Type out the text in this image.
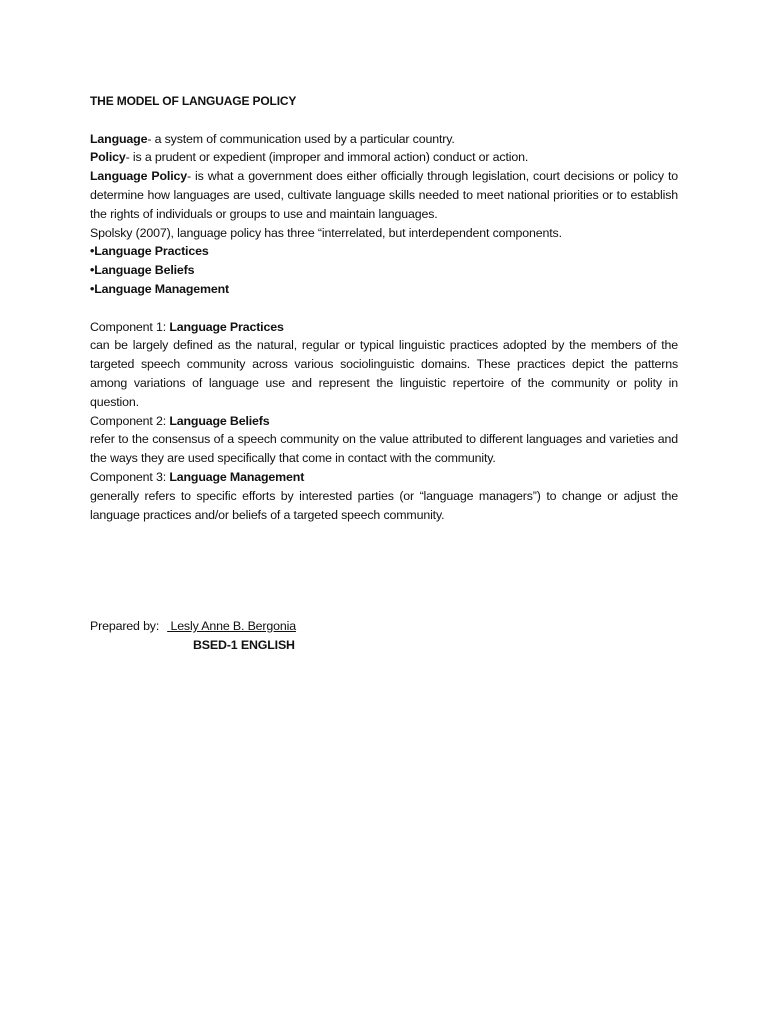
THE MODEL OF LANGUAGE POLICY

Language- a system of communication used by a particular country.

Policy- is a prudent or expedient (improper and immoral action) conduct or action.

Language Policy- is what a government does either officially through legislation, court decisions or policy to determine how languages are used, cultivate language skills needed to meet national priorities or to establish the rights of individuals or groups to use and maintain languages.

Spolsky (2007), language policy has three “interrelated, but interdependent components.

•Language Practices

•Language Beliefs

•Language Management

Component 1: Language Practices

can be largely defined as the natural, regular or typical linguistic practices adopted by the members of the targeted speech community across various sociolinguistic domains. These practices depict the patterns among variations of language use and represent the linguistic repertoire of the community or polity in question.

Component 2: Language Beliefs

refer to the consensus of a speech community on the value attributed to different languages and varieties and the ways they are used specifically that come in contact with the community.

Component 3: Language Management

generally refers to specific efforts by interested parties (or “language managers”) to change or adjust the language practices and/or beliefs of a targeted speech community.

Prepared by: Lesly Anne B. Bergonia
BSED-1 ENGLISH
